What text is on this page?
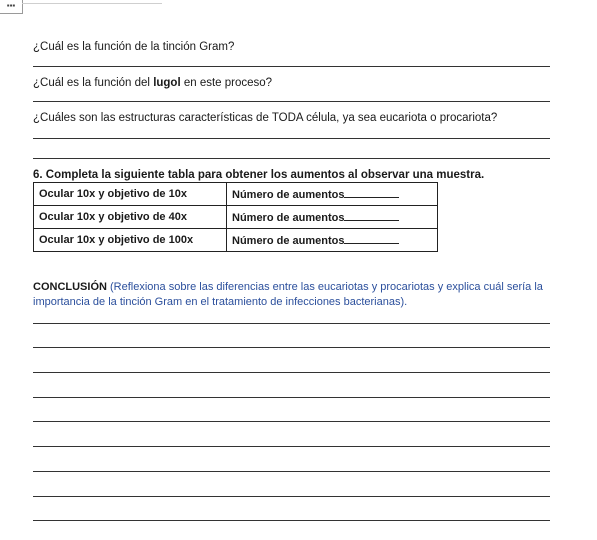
▪▪▪

¿Cuál es la función de la tinción Gram?

¿Cuál es la función del lugol en este proceso?

¿Cuáles son las estructuras características de TODA célula, ya sea eucariota o procariota?

6. Completa la siguiente tabla para obtener los aumentos al observar una muestra.

Ocular 10x y objetivo de 10x	Número de aumentos
Ocular 10x y objetivo de 40x	Número de aumentos
Ocular 10x y objetivo de 100x	Número de aumentos

CONCLUSIÓN (Reflexiona sobre las diferencias entre las eucariotas y procariotas y explica cuál sería la importancia de la tinción Gram en el tratamiento de infecciones bacterianas).
